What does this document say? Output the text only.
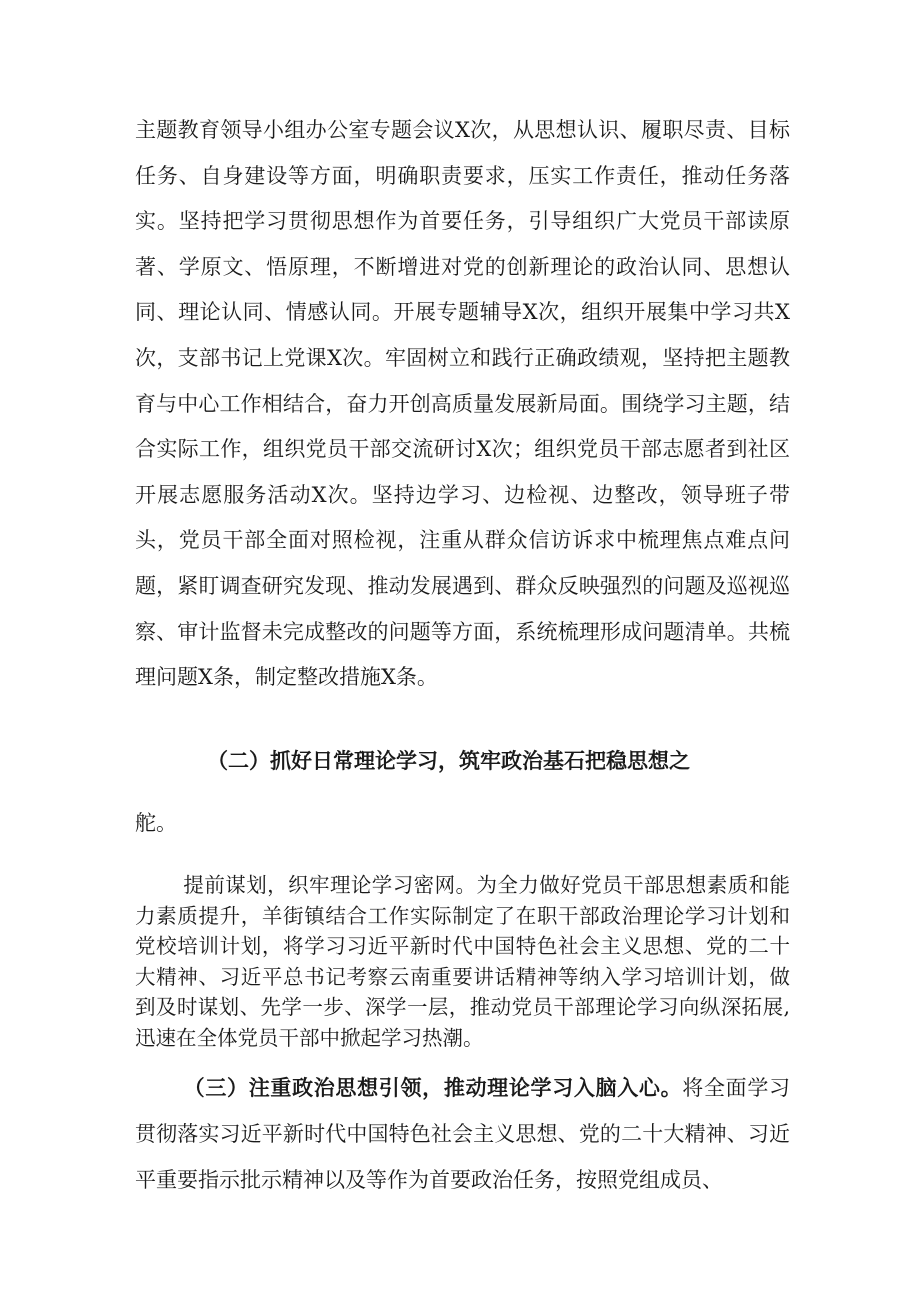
主题教育领导小组办公室专题会议X次，从思想认识、履职尽责、目标任务、自身建设等方面，明确职责要求，压实工作责任，推动任务落实。坚持把学习贯彻思想作为首要任务，引导组织广大党员干部读原著、学原文、悟原理，不断增进对党的创新理论的政治认同、思想认同、理论认同、情感认同。开展专题辅导X次，组织开展集中学习共X次，支部书记上党课X次。牢固树立和践行正确政绩观，坚持把主题教育与中心工作相结合，奋力开创高质量发展新局面。围绕学习主题，结合实际工作，组织党员干部交流研讨X次；组织党员干部志愿者到社区开展志愿服务活动X次。坚持边学习、边检视、边整改，领导班子带头，党员干部全面对照检视，注重从群众信访诉求中梳理焦点难点问题，紧盯调查研究发现、推动发展遇到、群众反映强烈的问题及巡视巡察、审计监督未完成整改的问题等方面，系统梳理形成问题清单。共梳理问题X条，制定整改措施X条。

（二）抓好日常理论学习，筑牢政治基石把稳思想之

舵。

提前谋划，织牢理论学习密网。为全力做好党员干部思想素质和能力素质提升，羊街镇结合工作实际制定了在职干部政治理论学习计划和党校培训计划，将学习习近平新时代中国特色社会主义思想、党的二十大精神、习近平总书记考察云南重要讲话精神等纳入学习培训计划，做到及时谋划、先学一步、深学一层，推动党员干部理论学习向纵深拓展,迅速在全体党员干部中掀起学习热潮。

（三）注重政治思想引领，推动理论学习入脑入心。将全面学习贯彻落实习近平新时代中国特色社会主义思想、党的二十大精神、习近平重要指示批示精神以及等作为首要政治任务，按照党组成员、
